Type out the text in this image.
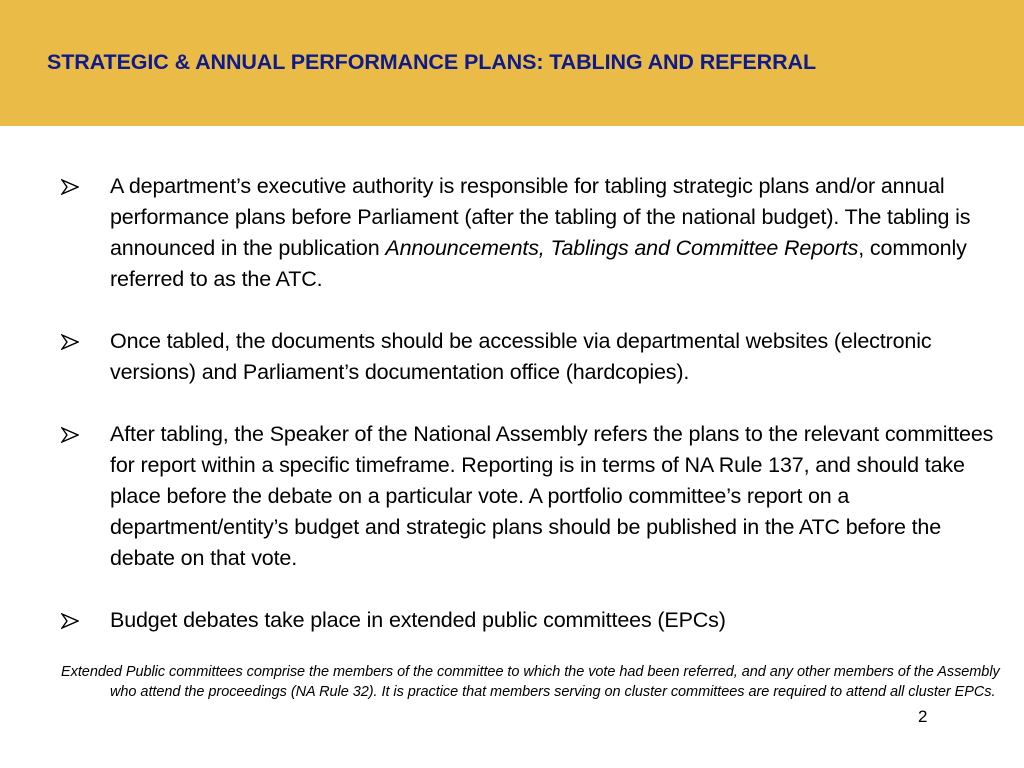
STRATEGIC & ANNUAL PERFORMANCE PLANS: TABLING AND REFERRAL
A department’s executive authority is responsible for tabling strategic plans and/or annual performance plans before Parliament (after the tabling of the national budget). The tabling is announced in the publication Announcements, Tablings and Committee Reports, commonly referred to as the ATC.
Once tabled, the documents should be accessible via departmental websites (electronic versions) and Parliament’s documentation office (hardcopies).
After tabling, the Speaker of the National Assembly refers the plans to the relevant committees for report within a specific timeframe. Reporting is in terms of NA Rule 137, and should take place before the debate on a particular vote. A portfolio committee’s report on a department/entity’s budget and strategic plans should be published in the ATC before the debate on that vote.
Budget debates take place in extended public committees (EPCs)

Extended Public committees comprise the members of the committee to which the vote had been referred, and any other members of the Assembly who attend the proceedings (NA Rule 32). It is practice that members serving on cluster committees are required to attend all cluster EPCs.

2
